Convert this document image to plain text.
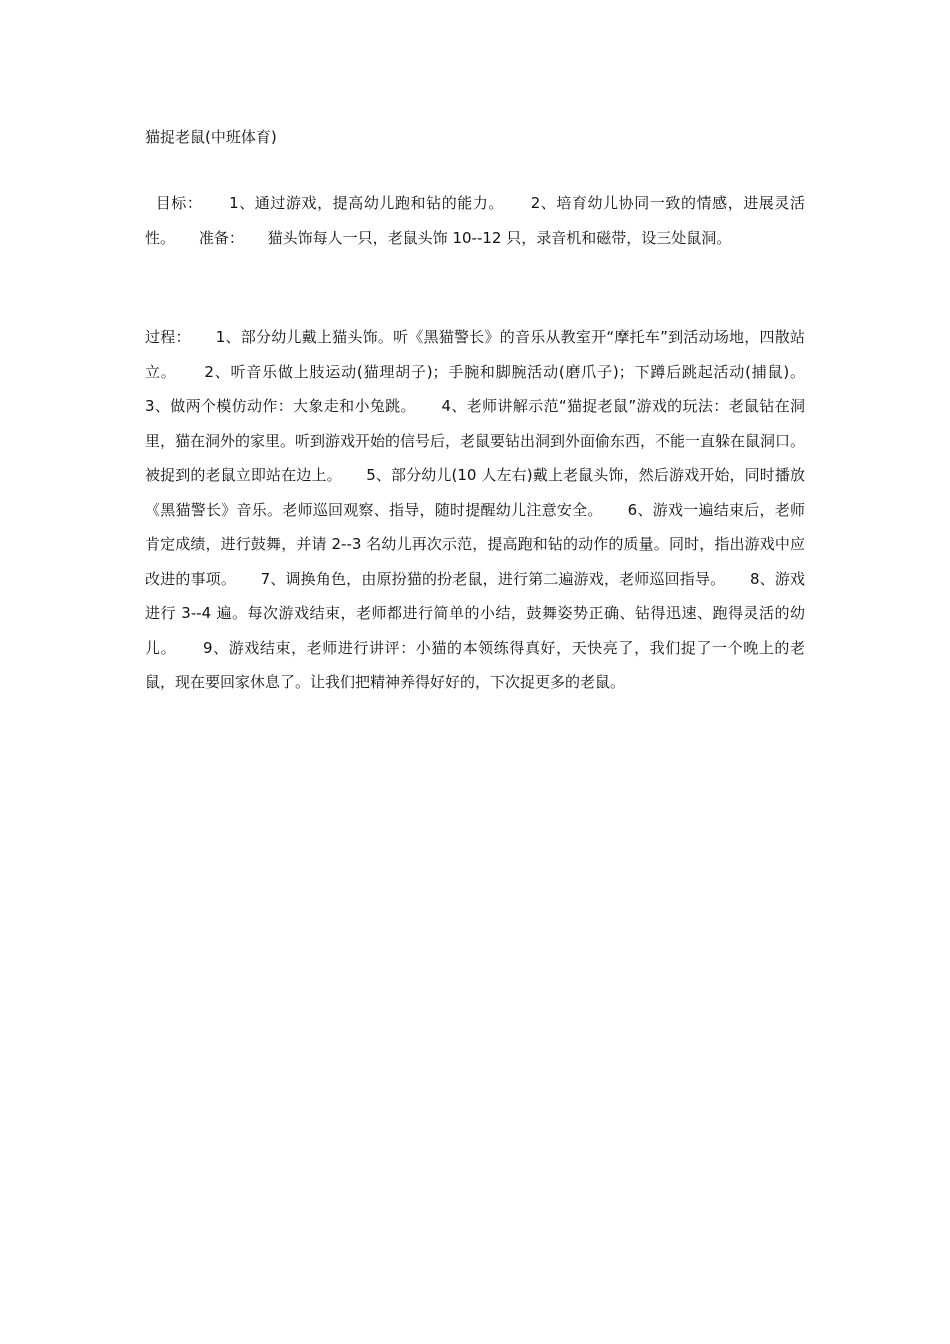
猫捉老鼠(中班体育)

目标：     1、通过游戏，提高幼儿跑和钻的能力。     2、培育幼儿协同一致的情感，进展灵活性。     准备：     猫头饰每人一只，老鼠头饰 10--12 只，录音机和磁带，设三处鼠洞。

过程：     1、部分幼儿戴上猫头饰。听《黑猫警长》的音乐从教室开“摩托车”到活动场地，四散站立。     2、听音乐做上肢运动(猫理胡子)；手腕和脚腕活动(磨爪子)；下蹲后跳起活动(捕鼠)。     3、做两个模仿动作：大象走和小兔跳。     4、老师讲解示范“猫捉老鼠”游戏的玩法：老鼠钻在洞里，猫在洞外的家里。听到游戏开始的信号后，老鼠要钻出洞到外面偷东西，不能一直躲在鼠洞口。被捉到的老鼠立即站在边上。     5、部分幼儿(10 人左右)戴上老鼠头饰，然后游戏开始，同时播放《黑猫警长》音乐。老师巡回观察、指导，随时提醒幼儿注意安全。     6、游戏一遍结束后，老师肯定成绩，进行鼓舞，并请 2--3 名幼儿再次示范，提高跑和钻的动作的质量。同时，指出游戏中应改进的事项。     7、调换角色，由原扮猫的扮老鼠，进行第二遍游戏，老师巡回指导。     8、游戏进行 3--4 遍。每次游戏结束，老师都进行简单的小结，鼓舞姿势正确、钻得迅速、跑得灵活的幼儿。     9、游戏结束，老师进行讲评：小猫的本领练得真好，天快亮了，我们捉了一个晚上的老鼠，现在要回家休息了。让我们把精神养得好好的，下次捉更多的老鼠。
